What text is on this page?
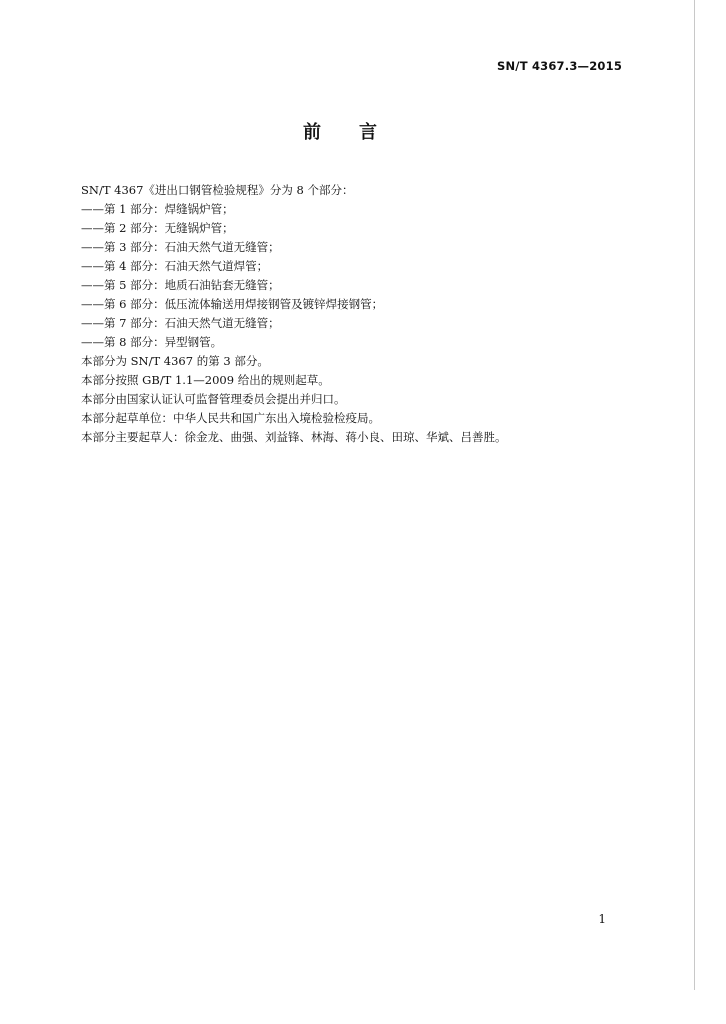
SN/T 4367.3—2015
前言
SN/T 4367《进出口钢管检验规程》分为 8 个部分：
——第 1 部分：焊缝锅炉管；
——第 2 部分：无缝锅炉管；
——第 3 部分：石油天然气道无缝管；
——第 4 部分：石油天然气道焊管；
——第 5 部分：地质石油钻套无缝管；
——第 6 部分：低压流体输送用焊接钢管及镀锌焊接钢管；
——第 7 部分：石油天然气道无缝管；
——第 8 部分：异型钢管。
本部分为 SN/T 4367 的第 3 部分。
本部分按照 GB/T 1.1—2009 给出的规则起草。
本部分由国家认证认可监督管理委员会提出并归口。
本部分起草单位：中华人民共和国广东出入境检验检疫局。
本部分主要起草人：徐金龙、曲强、刘益锋、林海、蒋小良、田琼、华斌、吕善胜。
1
